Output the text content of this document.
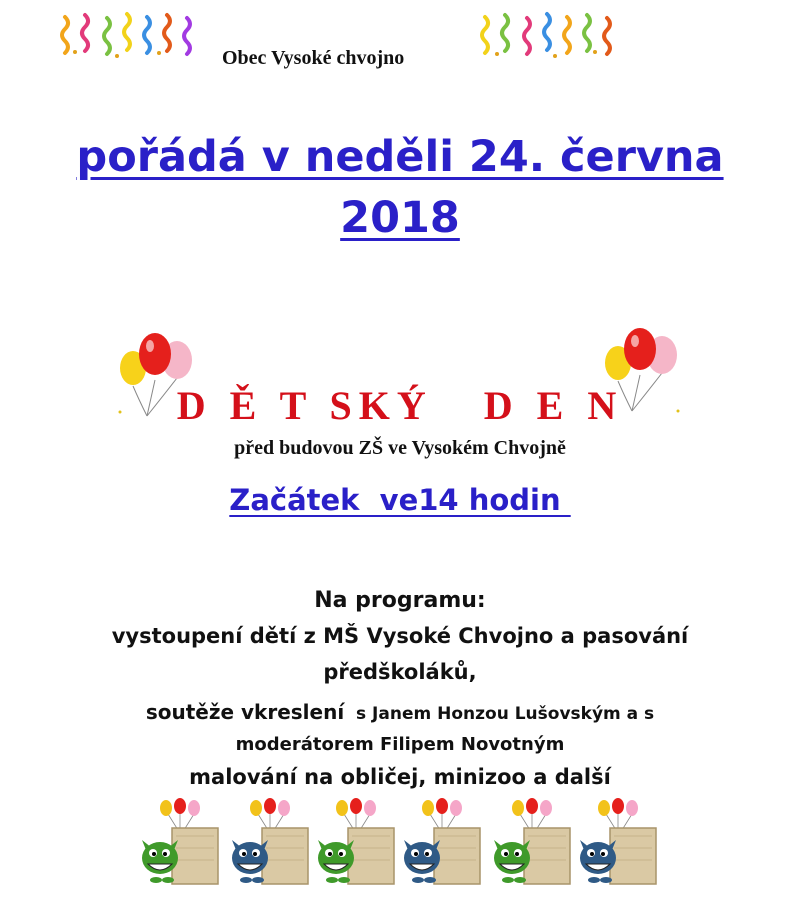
Obec Vysoké chvojno
pořádá v neděli 24. června
2018
D Ě T SKÝ   D E N
před budovou ZŠ ve Vysokém Chvojně
Začátek  ve14 hodin
Na programu:
vystoupení dětí z MŠ Vysoké Chvojno a pasování
předškoláků,
soutěže vkreslení  s Janem Honzou Lušovským a s
moderátorem Filipem Novotným
malování na obličej, minizoo a další
